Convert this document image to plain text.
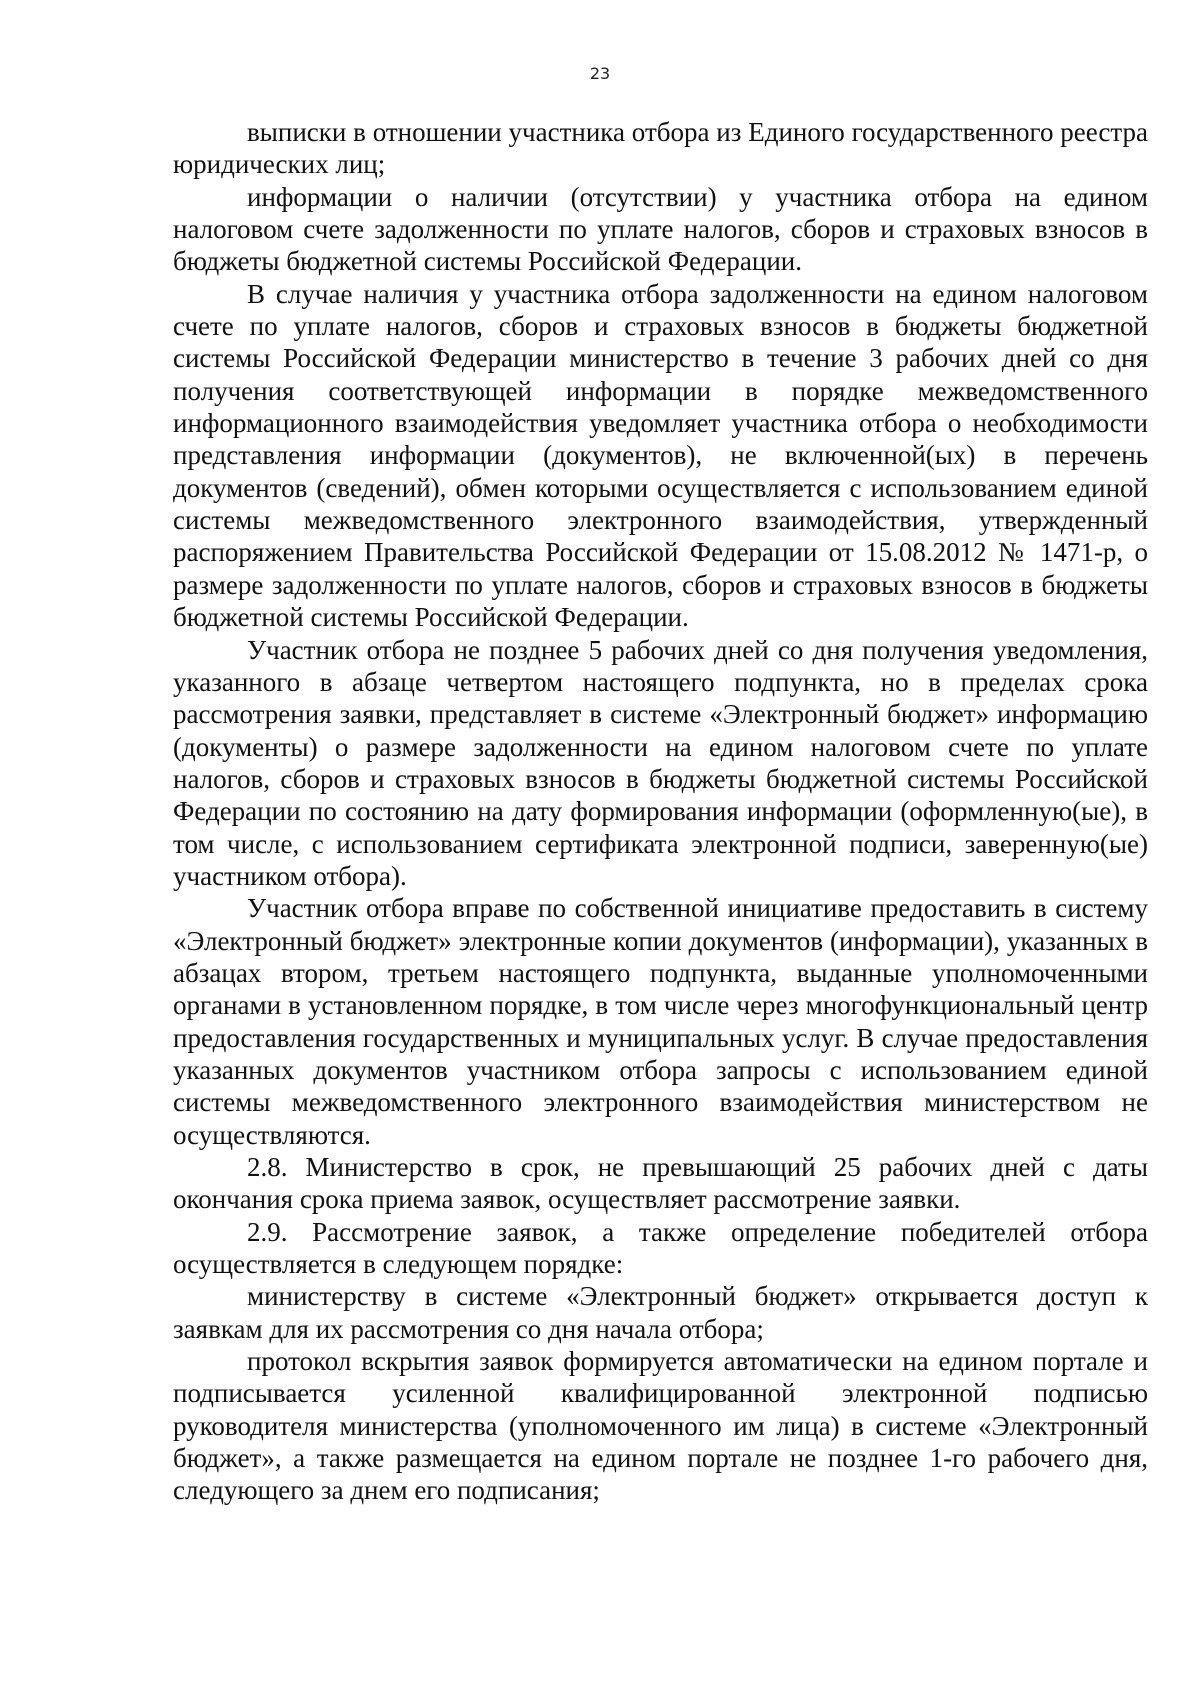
23

выписки в отношении участника отбора из Единого государственного реестра юридических лиц;

информации о наличии (отсутствии) у участника отбора на едином налоговом счете задолженности по уплате налогов, сборов и страховых взносов в бюджеты бюджетной системы Российской Федерации.

В случае наличия у участника отбора задолженности на едином налоговом счете по уплате налогов, сборов и страховых взносов в бюджеты бюджетной системы Российской Федерации министерство в течение 3 рабочих дней со дня получения соответствующей информации в порядке межведомственного информационного взаимодействия уведомляет участника отбора о необходимости представления информации (документов), не включенной(ых) в перечень документов (сведений), обмен которыми осуществляется с использованием единой системы межведомственного электронного взаимодействия, утвержденный распоряжением Правительства Российской Федерации от 15.08.2012 № 1471-р, о размере задолженности по уплате налогов, сборов и страховых взносов в бюджеты бюджетной системы Российской Федерации.

Участник отбора не позднее 5 рабочих дней со дня получения уведомления, указанного в абзаце четвертом настоящего подпункта, но в пределах срока рассмотрения заявки, представляет в системе «Электронный бюджет» информацию (документы) о размере задолженности на едином налоговом счете по уплате налогов, сборов и страховых взносов в бюджеты бюджетной системы Российской Федерации по состоянию на дату формирования информации (оформленную(ые), в том числе, с использованием сертификата электронной подписи, заверенную(ые) участником отбора).

Участник отбора вправе по собственной инициативе предоставить в систему «Электронный бюджет» электронные копии документов (информации), указанных в абзацах втором, третьем настоящего подпункта, выданные уполномоченными органами в установленном порядке, в том числе через многофункциональный центр предоставления государственных и муниципальных услуг. В случае предоставления указанных документов участником отбора запросы с использованием единой системы межведомственного электронного взаимодействия министерством не осуществляются.

2.8. Министерство в срок, не превышающий 25 рабочих дней с даты окончания срока приема заявок, осуществляет рассмотрение заявки.

2.9. Рассмотрение заявок, а также определение победителей отбора осуществляется в следующем порядке:

министерству в системе «Электронный бюджет» открывается доступ к заявкам для их рассмотрения со дня начала отбора;

протокол вскрытия заявок формируется автоматически на едином портале и подписывается усиленной квалифицированной электронной подписью руководителя министерства (уполномоченного им лица) в системе «Электронный бюджет», а также размещается на едином портале не позднее 1-го рабочего дня, следующего за днем его подписания;
